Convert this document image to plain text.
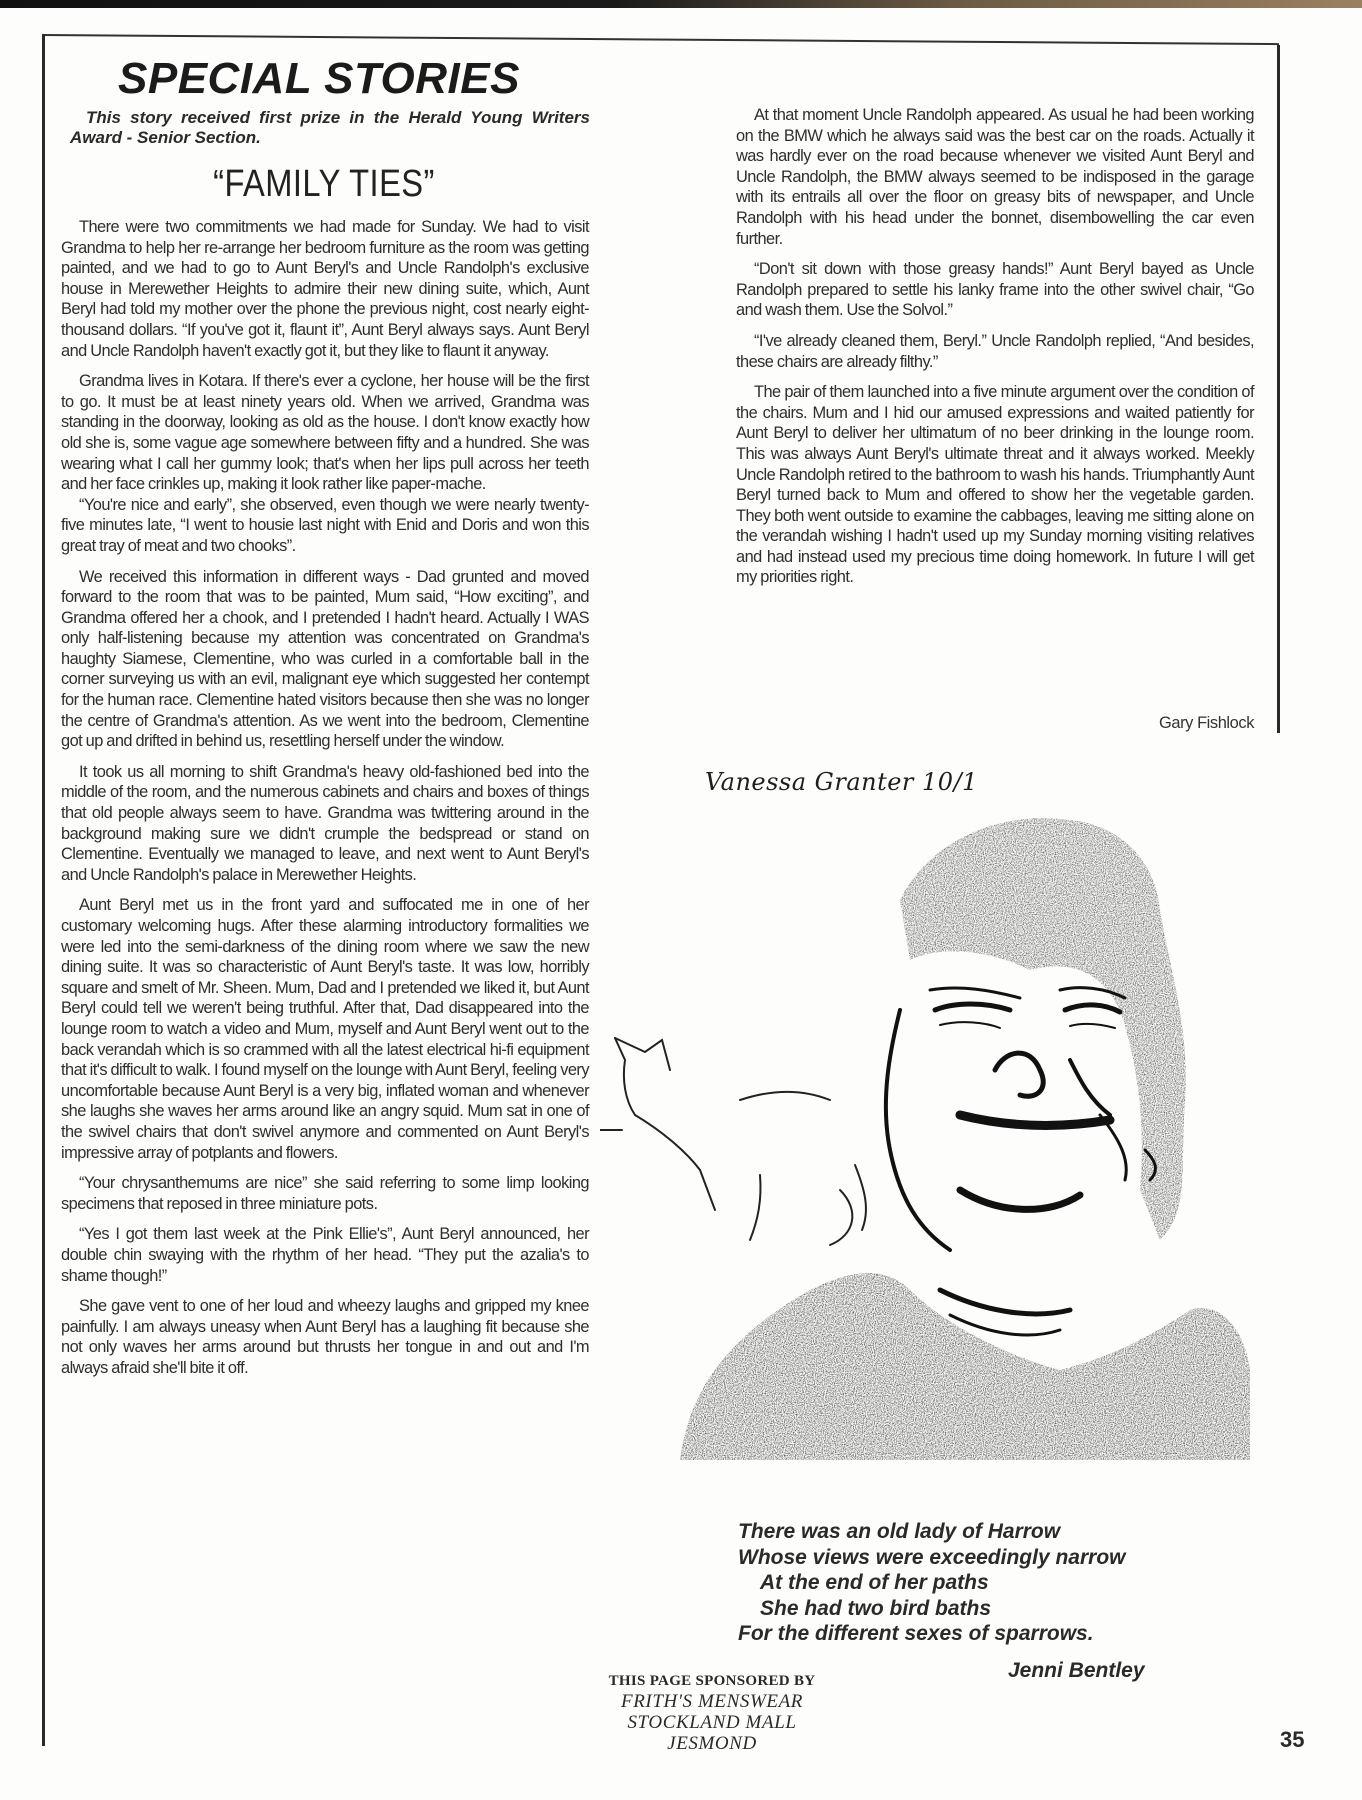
SPECIAL STORIES

This story received first prize in the Herald Young Writers Award - Senior Section.

“FAMILY TIES”

There were two commitments we had made for Sunday. We had to visit Grandma to help her re-arrange her bedroom furniture as the room was getting painted, and we had to go to Aunt Beryl's and Uncle Randolph's exclusive house in Merewether Heights to admire their new dining suite, which, Aunt Beryl had told my mother over the phone the previous night, cost nearly eight-thousand dollars. “If you've got it, flaunt it”, Aunt Beryl always says. Aunt Beryl and Uncle Randolph haven't exactly got it, but they like to flaunt it anyway.

Grandma lives in Kotara. If there's ever a cyclone, her house will be the first to go. It must be at least ninety years old. When we arrived, Grandma was standing in the doorway, looking as old as the house. I don't know exactly how old she is, some vague age somewhere between fifty and a hundred. She was wearing what I call her gummy look; that's when her lips pull across her teeth and her face crinkles up, making it look rather like paper-mache.

“You're nice and early”, she observed, even though we were nearly twenty-five minutes late, “I went to housie last night with Enid and Doris and won this great tray of meat and two chooks”.

We received this information in different ways - Dad grunted and moved forward to the room that was to be painted, Mum said, “How exciting”, and Grandma offered her a chook, and I pretended I hadn't heard. Actually I WAS only half-listening because my attention was concentrated on Grandma's haughty Siamese, Clementine, who was curled in a comfortable ball in the corner surveying us with an evil, malignant eye which suggested her contempt for the human race. Clementine hated visitors because then she was no longer the centre of Grandma's attention. As we went into the bedroom, Clementine got up and drifted in behind us, resettling herself under the window.

It took us all morning to shift Grandma's heavy old-fashioned bed into the middle of the room, and the numerous cabinets and chairs and boxes of things that old people always seem to have. Grandma was twittering around in the background making sure we didn't crumple the bedspread or stand on Clementine. Eventually we managed to leave, and next went to Aunt Beryl's and Uncle Randolph's palace in Merewether Heights.

Aunt Beryl met us in the front yard and suffocated me in one of her customary welcoming hugs. After these alarming introductory formalities we were led into the semi-darkness of the dining room where we saw the new dining suite. It was so characteristic of Aunt Beryl's taste. It was low, horribly square and smelt of Mr. Sheen. Mum, Dad and I pretended we liked it, but Aunt Beryl could tell we weren't being truthful. After that, Dad disappeared into the lounge room to watch a video and Mum, myself and Aunt Beryl went out to the back verandah which is so crammed with all the latest electrical hi-fi equipment that it's difficult to walk. I found myself on the lounge with Aunt Beryl, feeling very uncomfortable because Aunt Beryl is a very big, inflated woman and whenever she laughs she waves her arms around like an angry squid. Mum sat in one of the swivel chairs that don't swivel anymore and commented on Aunt Beryl's impressive array of potplants and flowers.

“Your chrysanthemums are nice” she said referring to some limp looking specimens that reposed in three miniature pots.

“Yes I got them last week at the Pink Ellie's”, Aunt Beryl announced, her double chin swaying with the rhythm of her head. “They put the azalia's to shame though!”

She gave vent to one of her loud and wheezy laughs and gripped my knee painfully. I am always uneasy when Aunt Beryl has a laughing fit because she not only waves her arms around but thrusts her tongue in and out and I'm always afraid she'll bite it off.

At that moment Uncle Randolph appeared. As usual he had been working on the BMW which he always said was the best car on the roads. Actually it was hardly ever on the road because whenever we visited Aunt Beryl and Uncle Randolph, the BMW always seemed to be indisposed in the garage with its entrails all over the floor on greasy bits of newspaper, and Uncle Randolph with his head under the bonnet, disembowelling the car even further.

“Don't sit down with those greasy hands!” Aunt Beryl bayed as Uncle Randolph prepared to settle his lanky frame into the other swivel chair, “Go and wash them. Use the Solvol.”

“I've already cleaned them, Beryl.” Uncle Randolph replied, “And besides, these chairs are already filthy.”

The pair of them launched into a five minute argument over the condition of the chairs. Mum and I hid our amused expressions and waited patiently for Aunt Beryl to deliver her ultimatum of no beer drinking in the lounge room. This was always Aunt Beryl's ultimate threat and it always worked. Meekly Uncle Randolph retired to the bathroom to wash his hands. Triumphantly Aunt Beryl turned back to Mum and offered to show her the vegetable garden. They both went outside to examine the cabbages, leaving me sitting alone on the verandah wishing I hadn't used up my Sunday morning visiting relatives and had instead used my precious time doing homework. In future I will get my priorities right.

Gary Fishlock
Vanessa Granter 10/1
There was an old lady of Harrow
Whose views were exceedingly narrow
At the end of her paths
She had two bird baths
For the different sexes of sparrows.
Jenni Bentley
THIS PAGE SPONSORED BY
FRITH'S MENSWEAR
STOCKLAND MALL
JESMOND	35
